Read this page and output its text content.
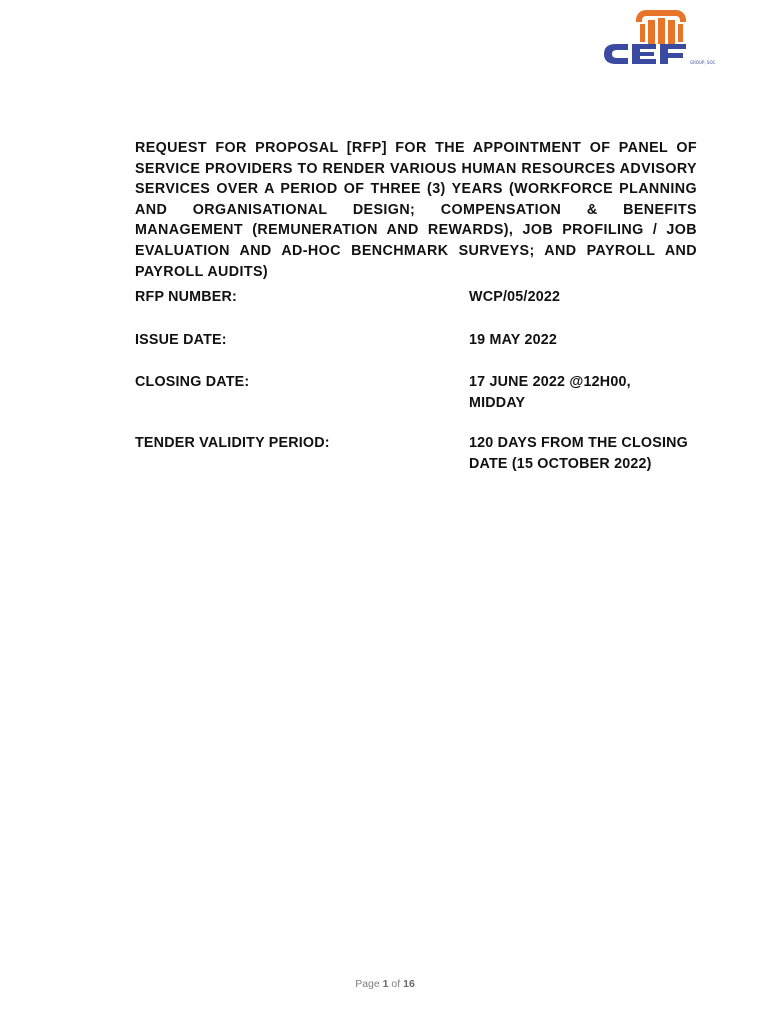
GROUP, SOC
REQUEST FOR PROPOSAL [RFP] FOR THE APPOINTMENT OF PANEL OF SERVICE PROVIDERS TO RENDER VARIOUS HUMAN RESOURCES ADVISORY SERVICES OVER A PERIOD OF THREE (3) YEARS (WORKFORCE PLANNING AND ORGANISATIONAL DESIGN; COMPENSATION & BENEFITS MANAGEMENT (REMUNERATION AND REWARDS), JOB PROFILING / JOB EVALUATION AND AD-HOC BENCHMARK SURVEYS; AND PAYROLL AND PAYROLL AUDITS)
RFP NUMBER:	WCP/05/2022
ISSUE DATE:	19 MAY 2022
CLOSING DATE:	17 JUNE 2022 @12H00, MIDDAY
TENDER VALIDITY PERIOD:	120 DAYS FROM THE CLOSING DATE (15 OCTOBER 2022)
Page 1 of 16
